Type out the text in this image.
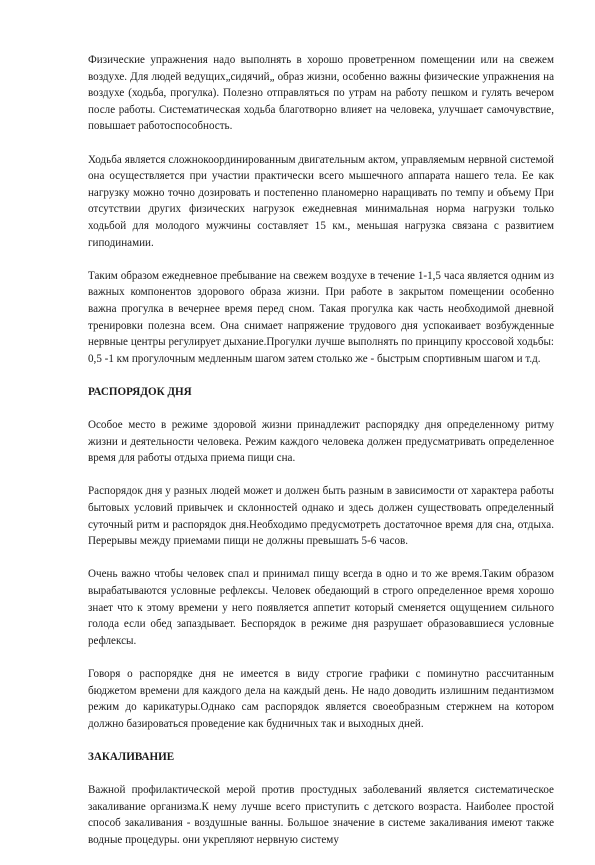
Физические упражнения надо выполнять в хорошо проветренном помещении или на свежем воздухе. Для людей ведущих„сидячий„ образ жизни, особенно важны физические упражнения на воздухе (ходьба, прогулка). Полезно отправляться по утрам на работу пешком и гулять вечером после работы. Систематическая ходьба благотворно влияет на человека, улучшает самочувствие, повышает работоспособность.

Ходьба является сложнокоординированным двигательным актом, управляемым нервной системой она осуществляется при участии практически всего мышечного аппарата нашего тела. Ее как нагрузку можно точно дозировать и постепенно планомерно наращивать по темпу и объему При отсутствии других физических нагрузок ежедневная минимальная норма нагрузки только ходьбой для молодого мужчины составляет 15 км., меньшая нагрузка связана с развитием гиподинамии.

Таким образом ежедневное пребывание на свежем воздухе в течение 1-1,5 часа является одним из важных компонентов здорового образа жизни. При работе в закрытом помещении особенно важна прогулка в вечернее время перед сном. Такая прогулка как часть необходимой дневной тренировки полезна всем. Она снимает напряжение трудового дня успокаивает возбужденные нервные центры регулирует дыхание.Прогулки лучше выполнять по принципу кроссовой ходьбы: 0,5 -1 км прогулочным медленным шагом затем столько же - быстрым спортивным шагом и т.д.

РАСПОРЯДОК ДНЯ

Особое место в режиме здоровой жизни принадлежит распорядку дня определенному ритму жизни и деятельности человека. Режим каждого человека должен предусматривать определенное время для работы отдыха приема пищи сна.

Распорядок дня у разных людей может и должен быть разным в зависимости от характера работы бытовых условий привычек и склонностей однако и здесь должен существовать определенный суточный ритм и распорядок дня.Необходимо предусмотреть достаточное время для сна, отдыха. Перерывы между приемами пищи не должны превышать 5-6 часов.

Очень важно чтобы человек спал и принимал пищу всегда в одно и то же время.Таким образом вырабатываются условные рефлексы. Человек обедающий в строго определенное время хорошо знает что к этому времени у него появляется аппетит который сменяется ощущением сильного голода если обед запаздывает. Беспорядок в режиме дня разрушает образовавшиеся условные рефлексы.

Говоря о распорядке дня не имеется в виду строгие графики с поминутно рассчитанным бюджетом времени для каждого дела на каждый день. Не надо доводить излишним педантизмом режим до карикатуры.Однако сам распорядок является своеобразным стержнем на котором должно базироваться проведение как будничных так и выходных дней.

ЗАКАЛИВАНИЕ

Важной профилактической мерой против простудных заболеваний является систематическое закаливание организма.К нему лучше всего приступить с детского возраста. Наиболее простой способ закаливания - воздушные ванны. Большое значение в системе закаливания имеют также водные процедуры. они укрепляют нервную систему
